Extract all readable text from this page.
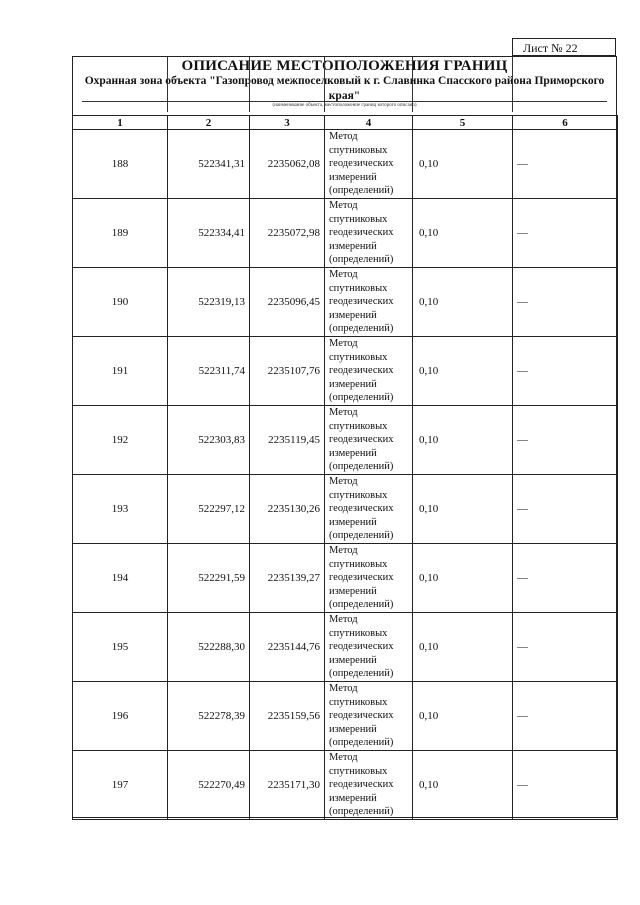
Лист № 22
ОПИСАНИЕ МЕСТОПОЛОЖЕНИЯ ГРАНИЦ
Охранная зона объекта "Газопровод межпоселковый к г. Славинка Спасского района Приморского края"
(наименование объекта, местоположение границ которого описано)
1	2	3	4	5	6
188	522341,31	2235062,08	Метод спутниковых геодезических измерений (определений)	0,10	—
189	522334,41	2235072,98	Метод спутниковых геодезических измерений (определений)	0,10	—
190	522319,13	2235096,45	Метод спутниковых геодезических измерений (определений)	0,10	—
191	522311,74	2235107,76	Метод спутниковых геодезических измерений (определений)	0,10	—
192	522303,83	2235119,45	Метод спутниковых геодезических измерений (определений)	0,10	—
193	522297,12	2235130,26	Метод спутниковых геодезических измерений (определений)	0,10	—
194	522291,59	2235139,27	Метод спутниковых геодезических измерений (определений)	0,10	—
195	522288,30	2235144,76	Метод спутниковых геодезических измерений (определений)	0,10	—
196	522278,39	2235159,56	Метод спутниковых геодезических измерений (определений)	0,10	—
197	522270,49	2235171,30	Метод спутниковых геодезических измерений (определений)	0,10	—
